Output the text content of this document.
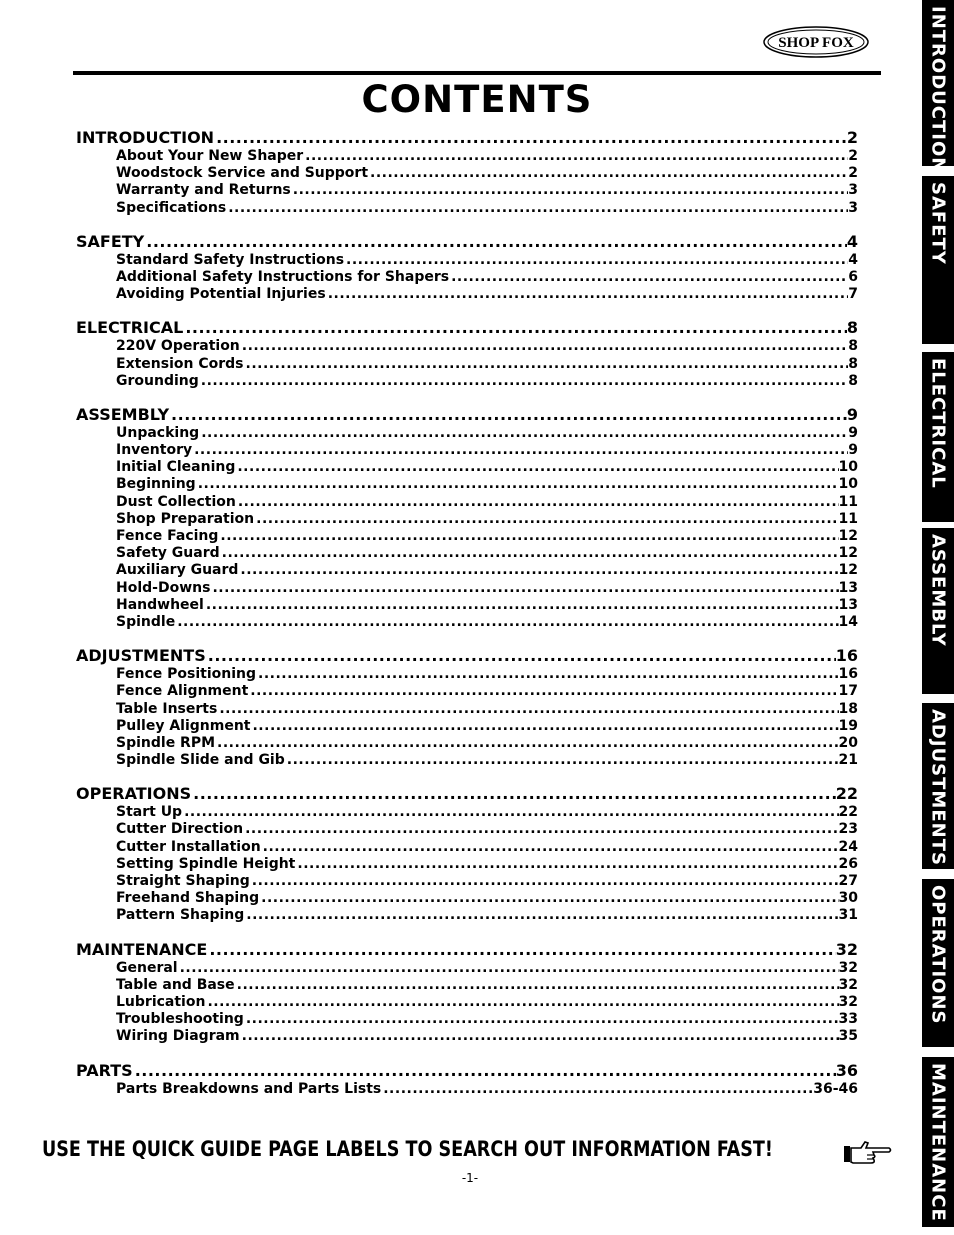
SHOP FOX
CONTENTS
INTRODUCTION .....	2
About Your New Shaper .....	2
Woodstock Service and Support .....	2
Warranty and Returns .....	3
Specifications .....	3
SAFETY .....	4
Standard Safety Instructions .....	4
Additional Safety Instructions for Shapers .....	6
Avoiding Potential Injuries .....	7
ELECTRICAL .....	8
220V Operation .....	8
Extension Cords .....	8
Grounding .....	8
ASSEMBLY .....	9
Unpacking .....	9
Inventory .....	9
Initial Cleaning .....	10
Beginning .....	10
Dust Collection .....	11
Shop Preparation .....	11
Fence Facing .....	12
Safety Guard .....	12
Auxiliary Guard .....	12
Hold-Downs .....	13
Handwheel .....	13
Spindle .....	14
ADJUSTMENTS .....	16
Fence Positioning .....	16
Fence Alignment .....	17
Table Inserts .....	18
Pulley Alignment .....	19
Spindle RPM .....	20
Spindle Slide and Gib .....	21
OPERATIONS .....	22
Start Up .....	22
Cutter Direction .....	23
Cutter Installation .....	24
Setting Spindle Height .....	26
Straight Shaping .....	27
Freehand Shaping .....	30
Pattern Shaping .....	31
MAINTENANCE .....	32
General .....	32
Table and Base .....	32
Lubrication .....	32
Troubleshooting .....	33
Wiring Diagram .....	35
PARTS .....	36
Parts Breakdowns and Parts Lists .....	36-46
USE THE QUICK GUIDE PAGE LABELS TO SEARCH OUT INFORMATION FAST!
-1-
INTRODUCTION
SAFETY
ELECTRICAL
ASSEMBLY
ADJUSTMENTS
OPERATIONS
MAINTENANCE
